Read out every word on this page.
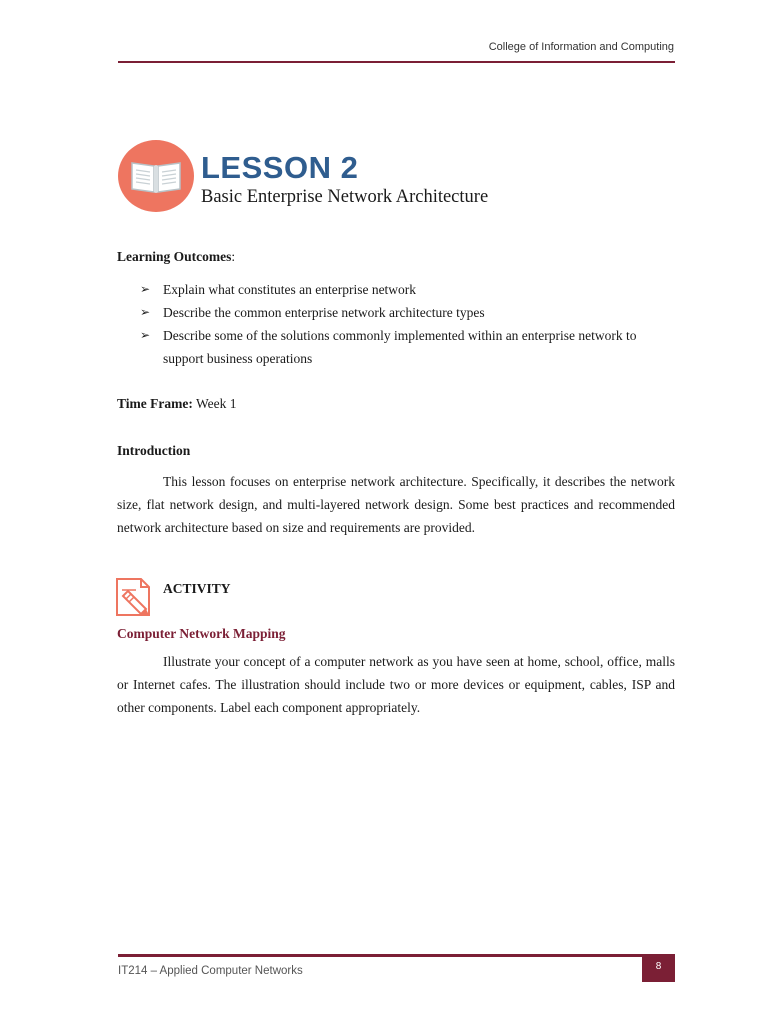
College of Information and Computing
LESSON 2
Basic Enterprise Network Architecture
Learning Outcomes:
➢ Explain what constitutes an enterprise network
➢ Describe the common enterprise network architecture types
➢ Describe some of the solutions commonly implemented within an enterprise network to support business operations
Time Frame: Week 1
Introduction
This lesson focuses on enterprise network architecture. Specifically, it describes the network size, flat network design, and multi-layered network design. Some best practices and recommended network architecture based on size and requirements are provided.
ACTIVITY
Computer Network Mapping
Illustrate your concept of a computer network as you have seen at home, school, office, malls or Internet cafes. The illustration should include two or more devices or equipment, cables, ISP and other components. Label each component appropriately.
IT214 – Applied Computer Networks	8
